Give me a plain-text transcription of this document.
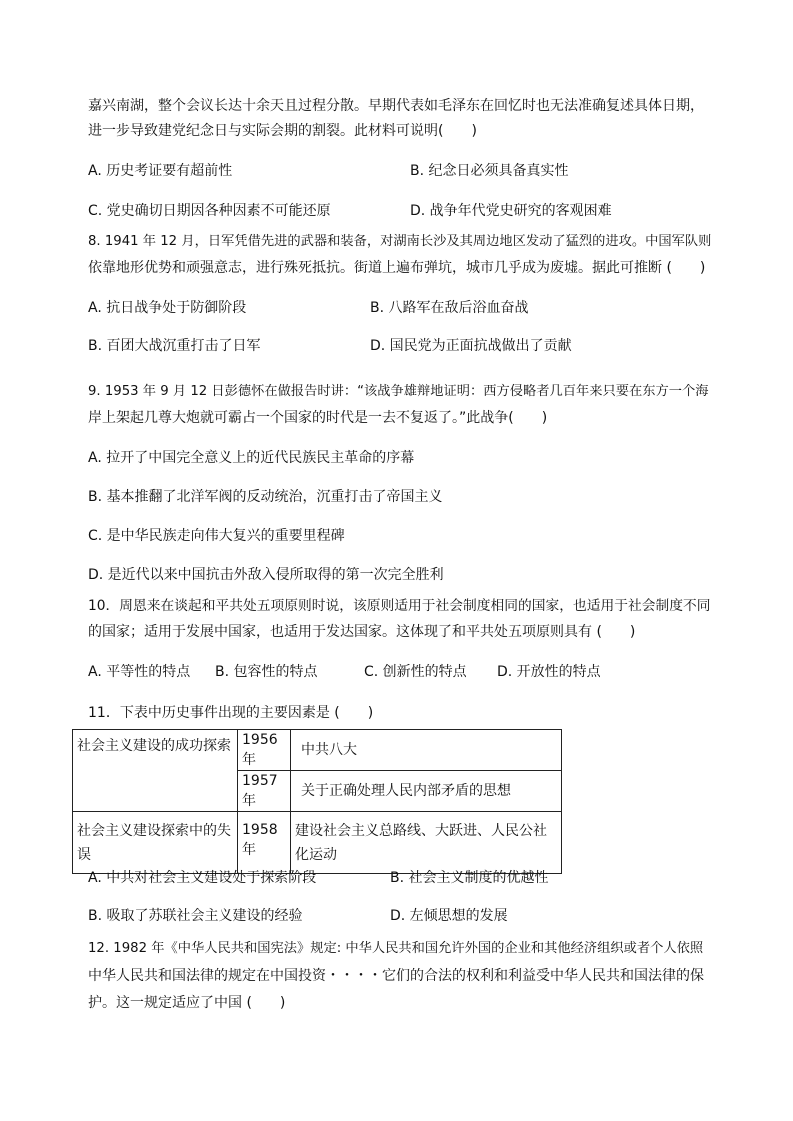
嘉兴南湖，整个会议长达十余天且过程分散。早期代表如毛泽东在回忆时也无法准确复述具体日期，
进一步导致建党纪念日与实际会期的割裂。此材料可说明(　　)
A. 历史考证要有超前性	B. 纪念日必须具备真实性
C. 党史确切日期因各种因素不可能还原	D. 战争年代党史研究的客观困难
8. 1941 年 12 月，日军凭借先进的武器和装备，对湖南长沙及其周边地区发动了猛烈的进攻。中国军队则
依靠地形优势和顽强意志，进行殊死抵抗。街道上遍布弹坑，城市几乎成为废墟。据此可推断 (　　)
A. 抗日战争处于防御阶段	B. 八路军在敌后浴血奋战
B. 百团大战沉重打击了日军	D. 国民党为正面抗战做出了贡献
9. 1953 年 9 月 12 日彭德怀在做报告时讲：“该战争雄辩地证明：西方侵略者几百年来只要在东方一个海
岸上架起几尊大炮就可霸占一个国家的时代是一去不复返了。”此战争(　　)
A. 拉开了中国完全意义上的近代民族民主革命的序幕
B. 基本推翻了北洋军阀的反动统治，沉重打击了帝国主义
C. 是中华民族走向伟大复兴的重要里程碑
D. 是近代以来中国抗击外敌入侵所取得的第一次完全胜利
10．周恩来在谈起和平共处五项原则时说，该原则适用于社会制度相同的国家，也适用于社会制度不同
的国家；适用于发展中国家，也适用于发达国家。这体现了和平共处五项原则具有 (　　)
A. 平等性的特点 B. 包容性的特点	C. 创新性的特点 D. 开放性的特点
11．下表中历史事件出现的主要因素是 (　　)
社会主义建设的成功探索	1956 年	中共八大
	1957 年	关于正确处理人民内部矛盾的思想
社会主义建设探索中的失误	1958 年	建设社会主义总路线、大跃进、人民公社化运动
A. 中共对社会主义建设处于探索阶段	B. 社会主义制度的优越性
B. 吸取了苏联社会主义建设的经验	D. 左倾思想的发展
12. 1982 年《中华人民共和国宪法》规定: 中华人民共和国允许外国的企业和其他经济组织或者个人依照
中华人民共和国法律的规定在中国投资・・・・它们的合法的权利和利益受中华人民共和国法律的保
护。这一规定适应了中国 (　　)
